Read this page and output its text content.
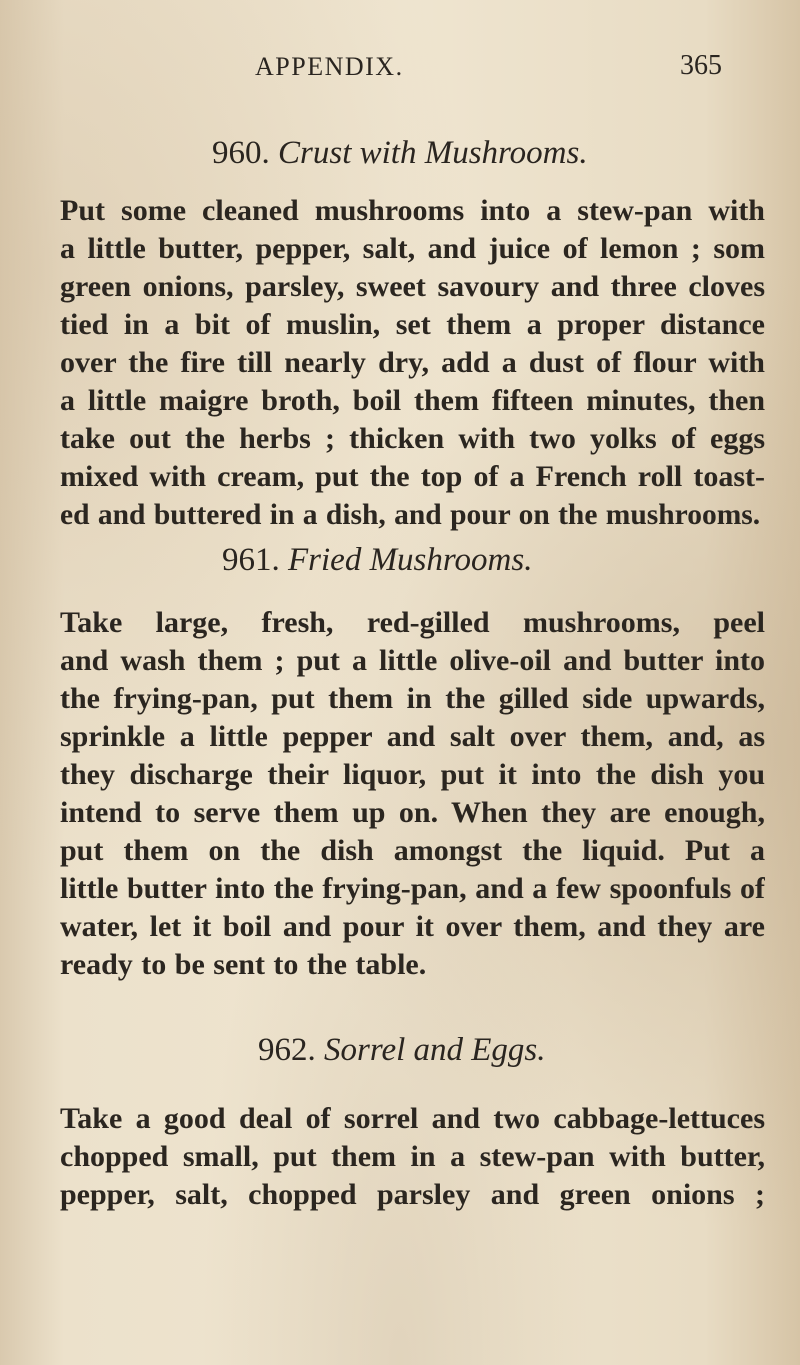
APPENDIX.	365
960. Crust with Mushrooms.
Put some cleaned mushrooms into a stew-pan with
a little butter, pepper, salt, and juice of lemon ; som
green onions, parsley, sweet savoury and three cloves
tied in a bit of muslin, set them a proper distance
over the fire till nearly dry, add a dust of flour with
a little maigre broth, boil them fifteen minutes, then
take out the herbs ; thicken with two yolks of eggs
mixed with cream, put the top of a French roll toast-
ed and buttered in a dish, and pour on the mushrooms.
961. Fried Mushrooms.
Take large, fresh, red-gilled mushrooms, peel
and wash them ; put a little olive-oil and butter into
the frying-pan, put them in the gilled side upwards,
sprinkle a little pepper and salt over them, and, as
they discharge their liquor, put it into the dish you
intend to serve them up on. When they are enough,
put them on the dish amongst the liquid. Put a
little butter into the frying-pan, and a few spoonfuls of
water, let it boil and pour it over them, and they are
ready to be sent to the table.
962. Sorrel and Eggs.
Take a good deal of sorrel and two cabbage-lettuces
chopped small, put them in a stew-pan with butter,
pepper, salt, chopped parsley and green onions ;
